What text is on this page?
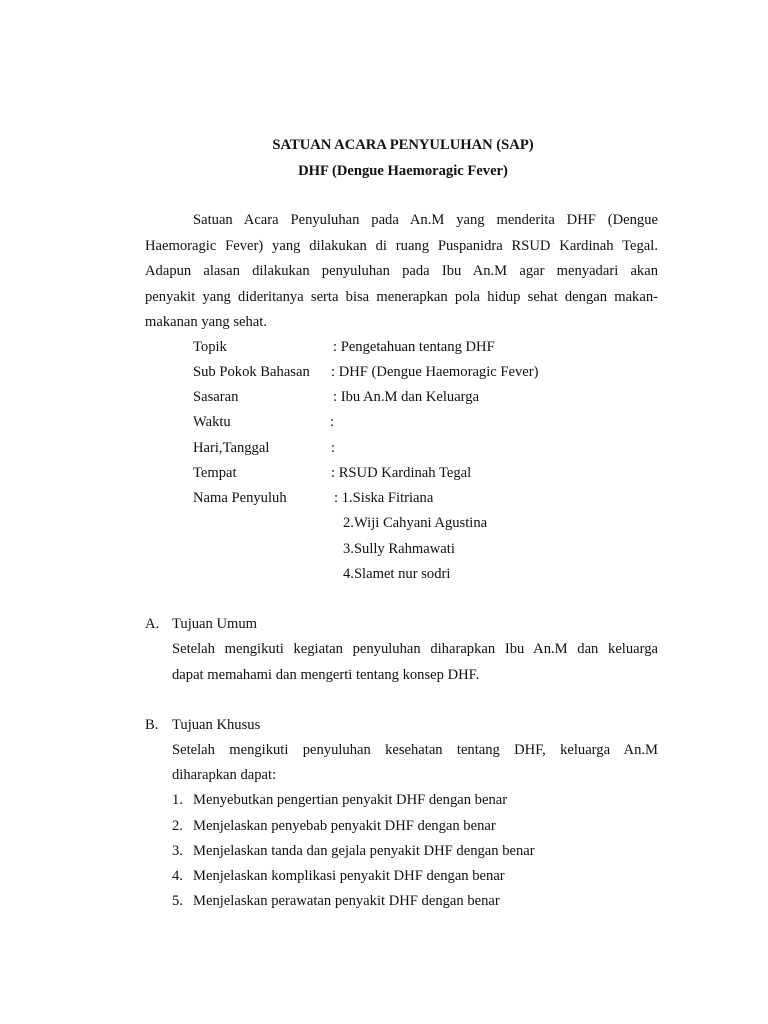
SATUAN ACARA PENYULUHAN (SAP)
DHF (Dengue Haemoragic Fever)
Satuan Acara Penyuluhan pada An.M yang menderita DHF (Dengue
Haemoragic Fever) yang dilakukan di ruang Puspanidra RSUD Kardinah Tegal.
Adapun alasan dilakukan penyuluhan pada Ibu An.M agar menyadari akan
penyakit yang dideritanya serta bisa menerapkan pola hidup sehat dengan makan-
makanan yang sehat.
Topik	: Pengetahuan tentang DHF
Sub Pokok Bahasan : DHF (Dengue Haemoragic Fever)
Sasaran	: Ibu An.M dan Keluarga
Waktu	:
Hari,Tanggal	:
Tempat	: RSUD Kardinah Tegal
Nama Penyuluh	: 1.Siska Fitriana
2.Wiji Cahyani Agustina
3.Sully Rahmawati
4.Slamet nur sodri
A. Tujuan Umum
Setelah mengikuti kegiatan penyuluhan diharapkan Ibu An.M dan keluarga
dapat memahami dan mengerti tentang konsep DHF.
B. Tujuan Khusus
Setelah mengikuti penyuluhan kesehatan tentang DHF, keluarga An.M
diharapkan dapat:
1. Menyebutkan pengertian penyakit DHF dengan benar
2. Menjelaskan penyebab penyakit DHF dengan benar
3. Menjelaskan tanda dan gejala penyakit DHF dengan benar
4. Menjelaskan komplikasi penyakit DHF dengan benar
5. Menjelaskan perawatan penyakit DHF dengan benar
